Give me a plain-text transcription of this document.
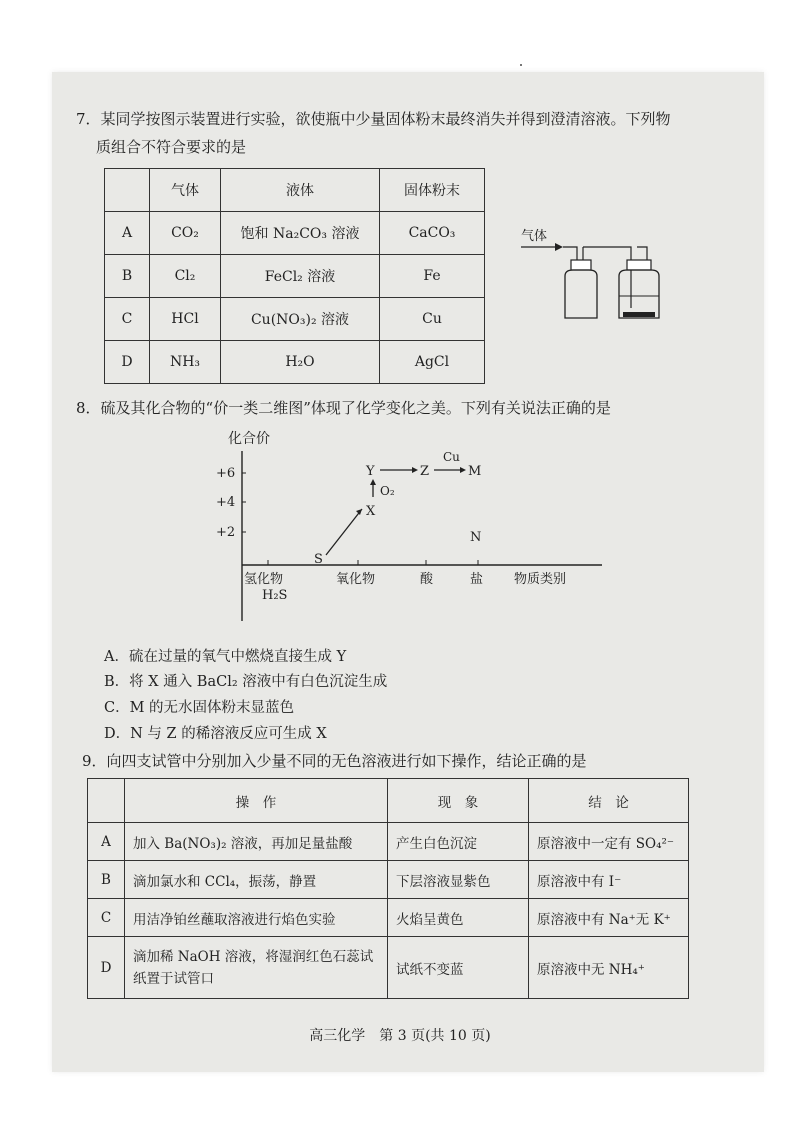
7．某同学按图示装置进行实验，欲使瓶中少量固体粉末最终消失并得到澄清溶液。下列物
质组合不符合要求的是
	气体	液体	固体粉末
A	CO₂	饱和 Na₂CO₃ 溶液	CaCO₃
B	Cl₂	FeCl₂ 溶液	Fe
C	HCl	Cu(NO₃)₂ 溶液	Cu
D	NH₃	H₂O	AgCl
气体
8．硫及其化合物的“价一类二维图”体现了化学变化之美。下列有关说法正确的是
化合价
+6
+4
+2
氢化物	氧化物	酸	盐 物质类别
H₂S
S
X
O₂
Y	Z
Cu
M
N
A．硫在过量的氧气中燃烧直接生成 Y
B．将 X 通入 BaCl₂ 溶液中有白色沉淀生成
C．M 的无水固体粉末显蓝色
D．N 与 Z 的稀溶液反应可生成 X
9．向四支试管中分别加入少量不同的无色溶液进行如下操作，结论正确的是
	操　作	现　象	结　论
A	加入 Ba(NO₃)₂ 溶液，再加足量盐酸	产生白色沉淀	原溶液中一定有 SO₄²⁻
B	滴加氯水和 CCl₄，振荡，静置	下层溶液显紫色	原溶液中有 I⁻
C	用洁净铂丝蘸取溶液进行焰色实验	火焰呈黄色	原溶液中有 Na⁺无 K⁺
D	滴加稀 NaOH 溶液，将湿润红色石蕊试纸置于试管口	试纸不变蓝	原溶液中无 NH₄⁺
高三化学　第 3 页(共 10 页)
